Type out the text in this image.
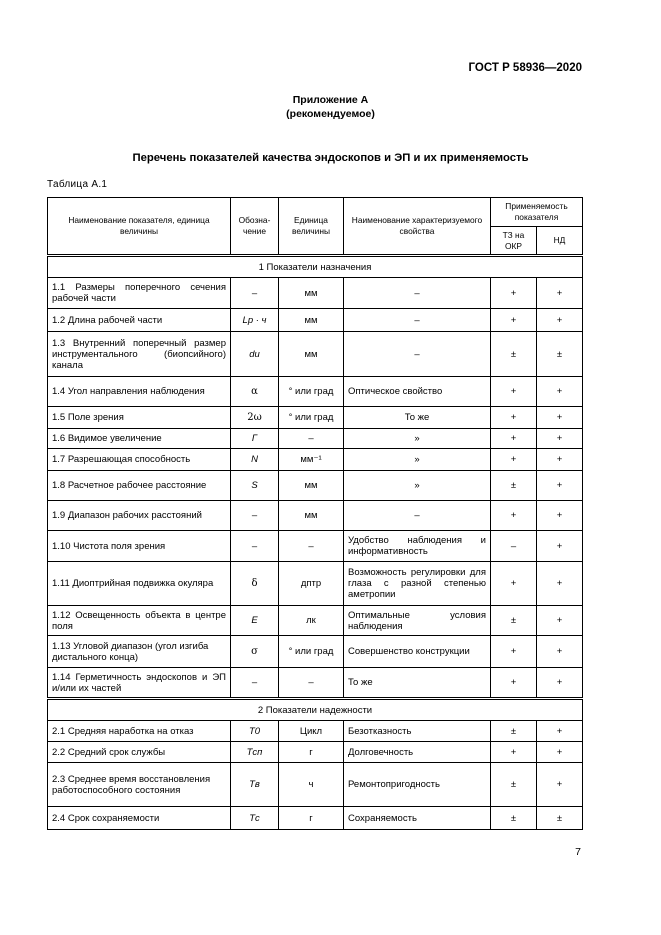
ГОСТ Р 58936—2020
Приложение А
(рекомендуемое)
Перечень показателей качества эндоскопов и ЭП и их применяемость
Таблица А.1
Наименование показателя, единица величины	Обозна-чение	Единица величины	Наименование характеризуемого свойства	Применяемость показателя	
				ТЗ на ОКР	НД
1 Показатели назначения					
1.1 Размеры поперечного сечения рабочей части	–	мм	–	+	+
1.2 Длина рабочей части	Lр · ч	мм	–	+	+
1.3 Внутренний поперечный размер инструментального (биопсийного) канала	du	мм	–	±	±
1.4 Угол направления наблюдения	α	° или град	Оптическое свойство	+	+
1.5 Поле зрения	2ω	° или град	То же	+	+
1.6 Видимое увеличение	Г	–	»	+	+
1.7 Разрешающая способность	N	мм⁻¹	»	+	+
1.8 Расчетное рабочее расстояние	S	мм	»	±	+
1.9 Диапазон рабочих расстояний	–	мм	–	+	+
1.10 Чистота поля зрения	–	–	Удобство наблюдения и информативность	–	+
1.11 Диоптрийная подвижка окуляра	δ	дптр	Возможность регулировки для глаза с разной степенью аметропии	+	+
1.12 Освещенность объекта в центре поля	E	лк	Оптимальные условия наблюдения	±	+
1.13 Угловой диапазон (угол изгиба дистального конца)	σ	° или град	Совершенство конструкции	+	+
1.14 Герметичность эндоскопов и ЭП и/или их частей	–	–	То же	+	+
2 Показатели надежности					
2.1 Средняя наработка на отказ	T0	Цикл	Безотказность	±	+
2.2 Средний срок службы	Tсп	г	Долговечность	+	+
2.3 Среднее время восстановления работоспособного состояния	Tв	ч	Ремонтопригодность	±	+
2.4 Срок сохраняемости	Tс	г	Сохраняемость	±	±
7
